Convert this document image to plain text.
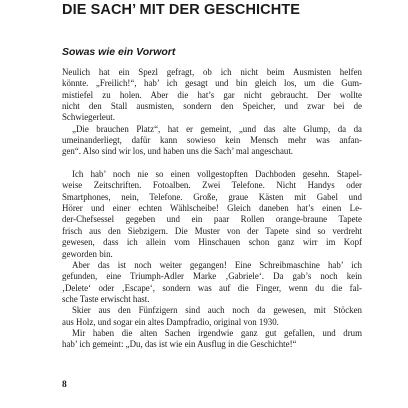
DIE SACH’ MIT DER GESCHICHTE
Sowas wie ein Vorwort
Neulich hat ein Spezl gefragt, ob ich nicht beim Ausmisten helfen
könnte. „Freilich!“, hab’ ich gesagt und bin gleich los, um die Gum-
mistiefel zu holen. Aber die hat’s gar nicht gebraucht. Der wollte
nicht den Stall ausmisten, sondern den Speicher, und zwar bei de
Schwiegerleut.
„Die brauchen Platz“, hat er gemeint, „und das alte Glump, da da
umeinanderliegt, dafür kann sowieso kein Mensch mehr was anfan-
gen“. Also sind wir los, und haben uns die Sach’ mal angeschaut.
Ich hab’ noch nie so einen vollgestopften Dachboden gesehn. Stapel-
weise Zeitschriften. Fotoalben. Zwei Telefone. Nicht Handys oder
Smartphones, nein, Telefone. Große, graue Kästen mit Gabel und
Hörer und einer echten Wählscheibe! Gleich daneben hat’s einen Le-
der-Chefsessel gegeben und ein paar Rollen orange-braune Tapete
frisch aus den Siebzigern. Die Muster von der Tapete sind so verdreht
gewesen, dass ich allein vom Hinschauen schon ganz wirr im Kopf
geworden bin.
Aber das ist noch weiter gegangen! Eine Schreibmaschine hab’ ich
gefunden, eine Triumph-Adler Marke ‚Gabriele‘. Da gab’s noch kein
‚Delete‘ oder ‚Escape‘, sondern was auf die Finger, wenn du die fal-
sche Taste erwischt hast.
Skier aus den Fünfzigern sind auch noch da gewesen, mit Stöcken
aus Holz, und sogar ein altes Dampfradio, original von 1930.
Mir haben die alten Sachen irgendwie ganz gut gefallen, und drum
hab’ ich gemeint: „Du, das ist wie ein Ausflug in die Geschichte!“
8
